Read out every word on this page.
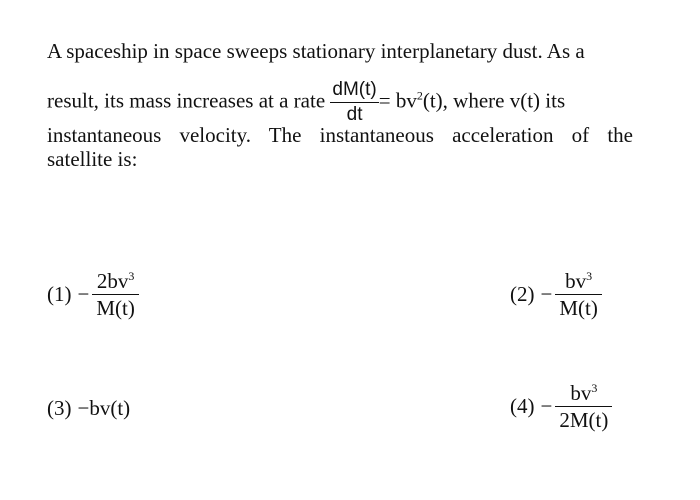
A spaceship in space sweeps stationary interplanetary dust. As a
result, its mass increases at a rate $\frac{dM(t)}{dt} = bv^2(t)$, where v(t) its
instantaneous velocity. The instantaneous acceleration of the
satellite is:
$(1) - \frac{2bv^3}{M(t)}$	$(2) - \frac{bv^3}{M(t)}$
(3) −bv(t)	$(4) - \frac{bv^3}{2M(t)}$
